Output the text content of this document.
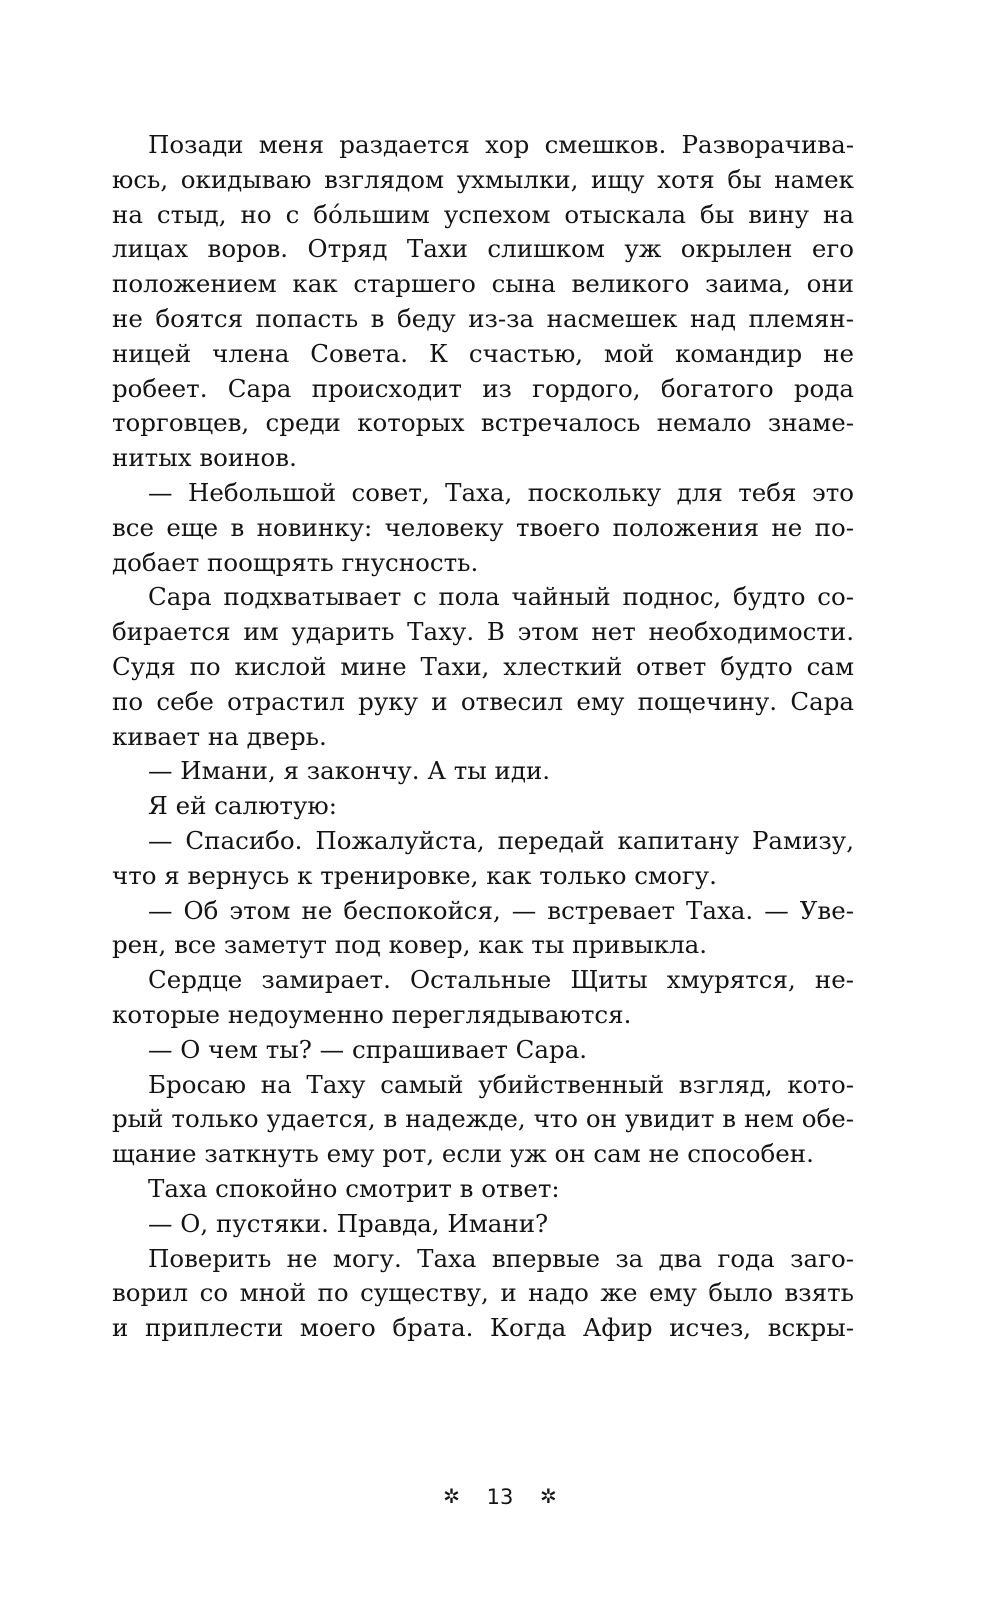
Позади меня раздается хор смешков. Разворачива-
юсь, окидываю взглядом ухмылки, ищу хотя бы намек
на стыд, но с бóльшим успехом отыскала бы вину на
лицах воров. Отряд Тахи слишком уж окрылен его
положением как старшего сына великого заима, они
не боятся попасть в беду из-за насмешек над племян-
ницей члена Совета. К счастью, мой командир не
робеет. Сара происходит из гордого, богатого рода
торговцев, среди которых встречалось немало знаме-
нитых воинов.
— Небольшой совет, Таха, поскольку для тебя это
все еще в новинку: человеку твоего положения не по-
добает поощрять гнусность.
Сара подхватывает с пола чайный поднос, будто со-
бирается им ударить Таху. В этом нет необходимости.
Судя по кислой мине Тахи, хлесткий ответ будто сам
по себе отрастил руку и отвесил ему пощечину. Сара
кивает на дверь.
— Имани, я закончу. А ты иди.
Я ей салютую:
— Спасибо. Пожалуйста, передай капитану Рамизу,
что я вернусь к тренировке, как только смогу.
— Об этом не беспокойся, — встревает Таха. — Уве-
рен, все заметут под ковер, как ты привыкла.
Сердце замирает. Остальные Щиты хмурятся, не-
которые недоуменно переглядываются.
— О чем ты? — спрашивает Сара.
Бросаю на Таху самый убийственный взгляд, кото-
рый только удается, в надежде, что он увидит в нем обе-
щание заткнуть ему рот, если уж он сам не способен.
Таха спокойно смотрит в ответ:
— О, пустяки. Правда, Имани?
Поверить не могу. Таха впервые за два года заго-
ворил со мной по существу, и надо же ему было взять
и приплести моего брата. Когда Афир исчез, вскры-
✲ 13 ✲
